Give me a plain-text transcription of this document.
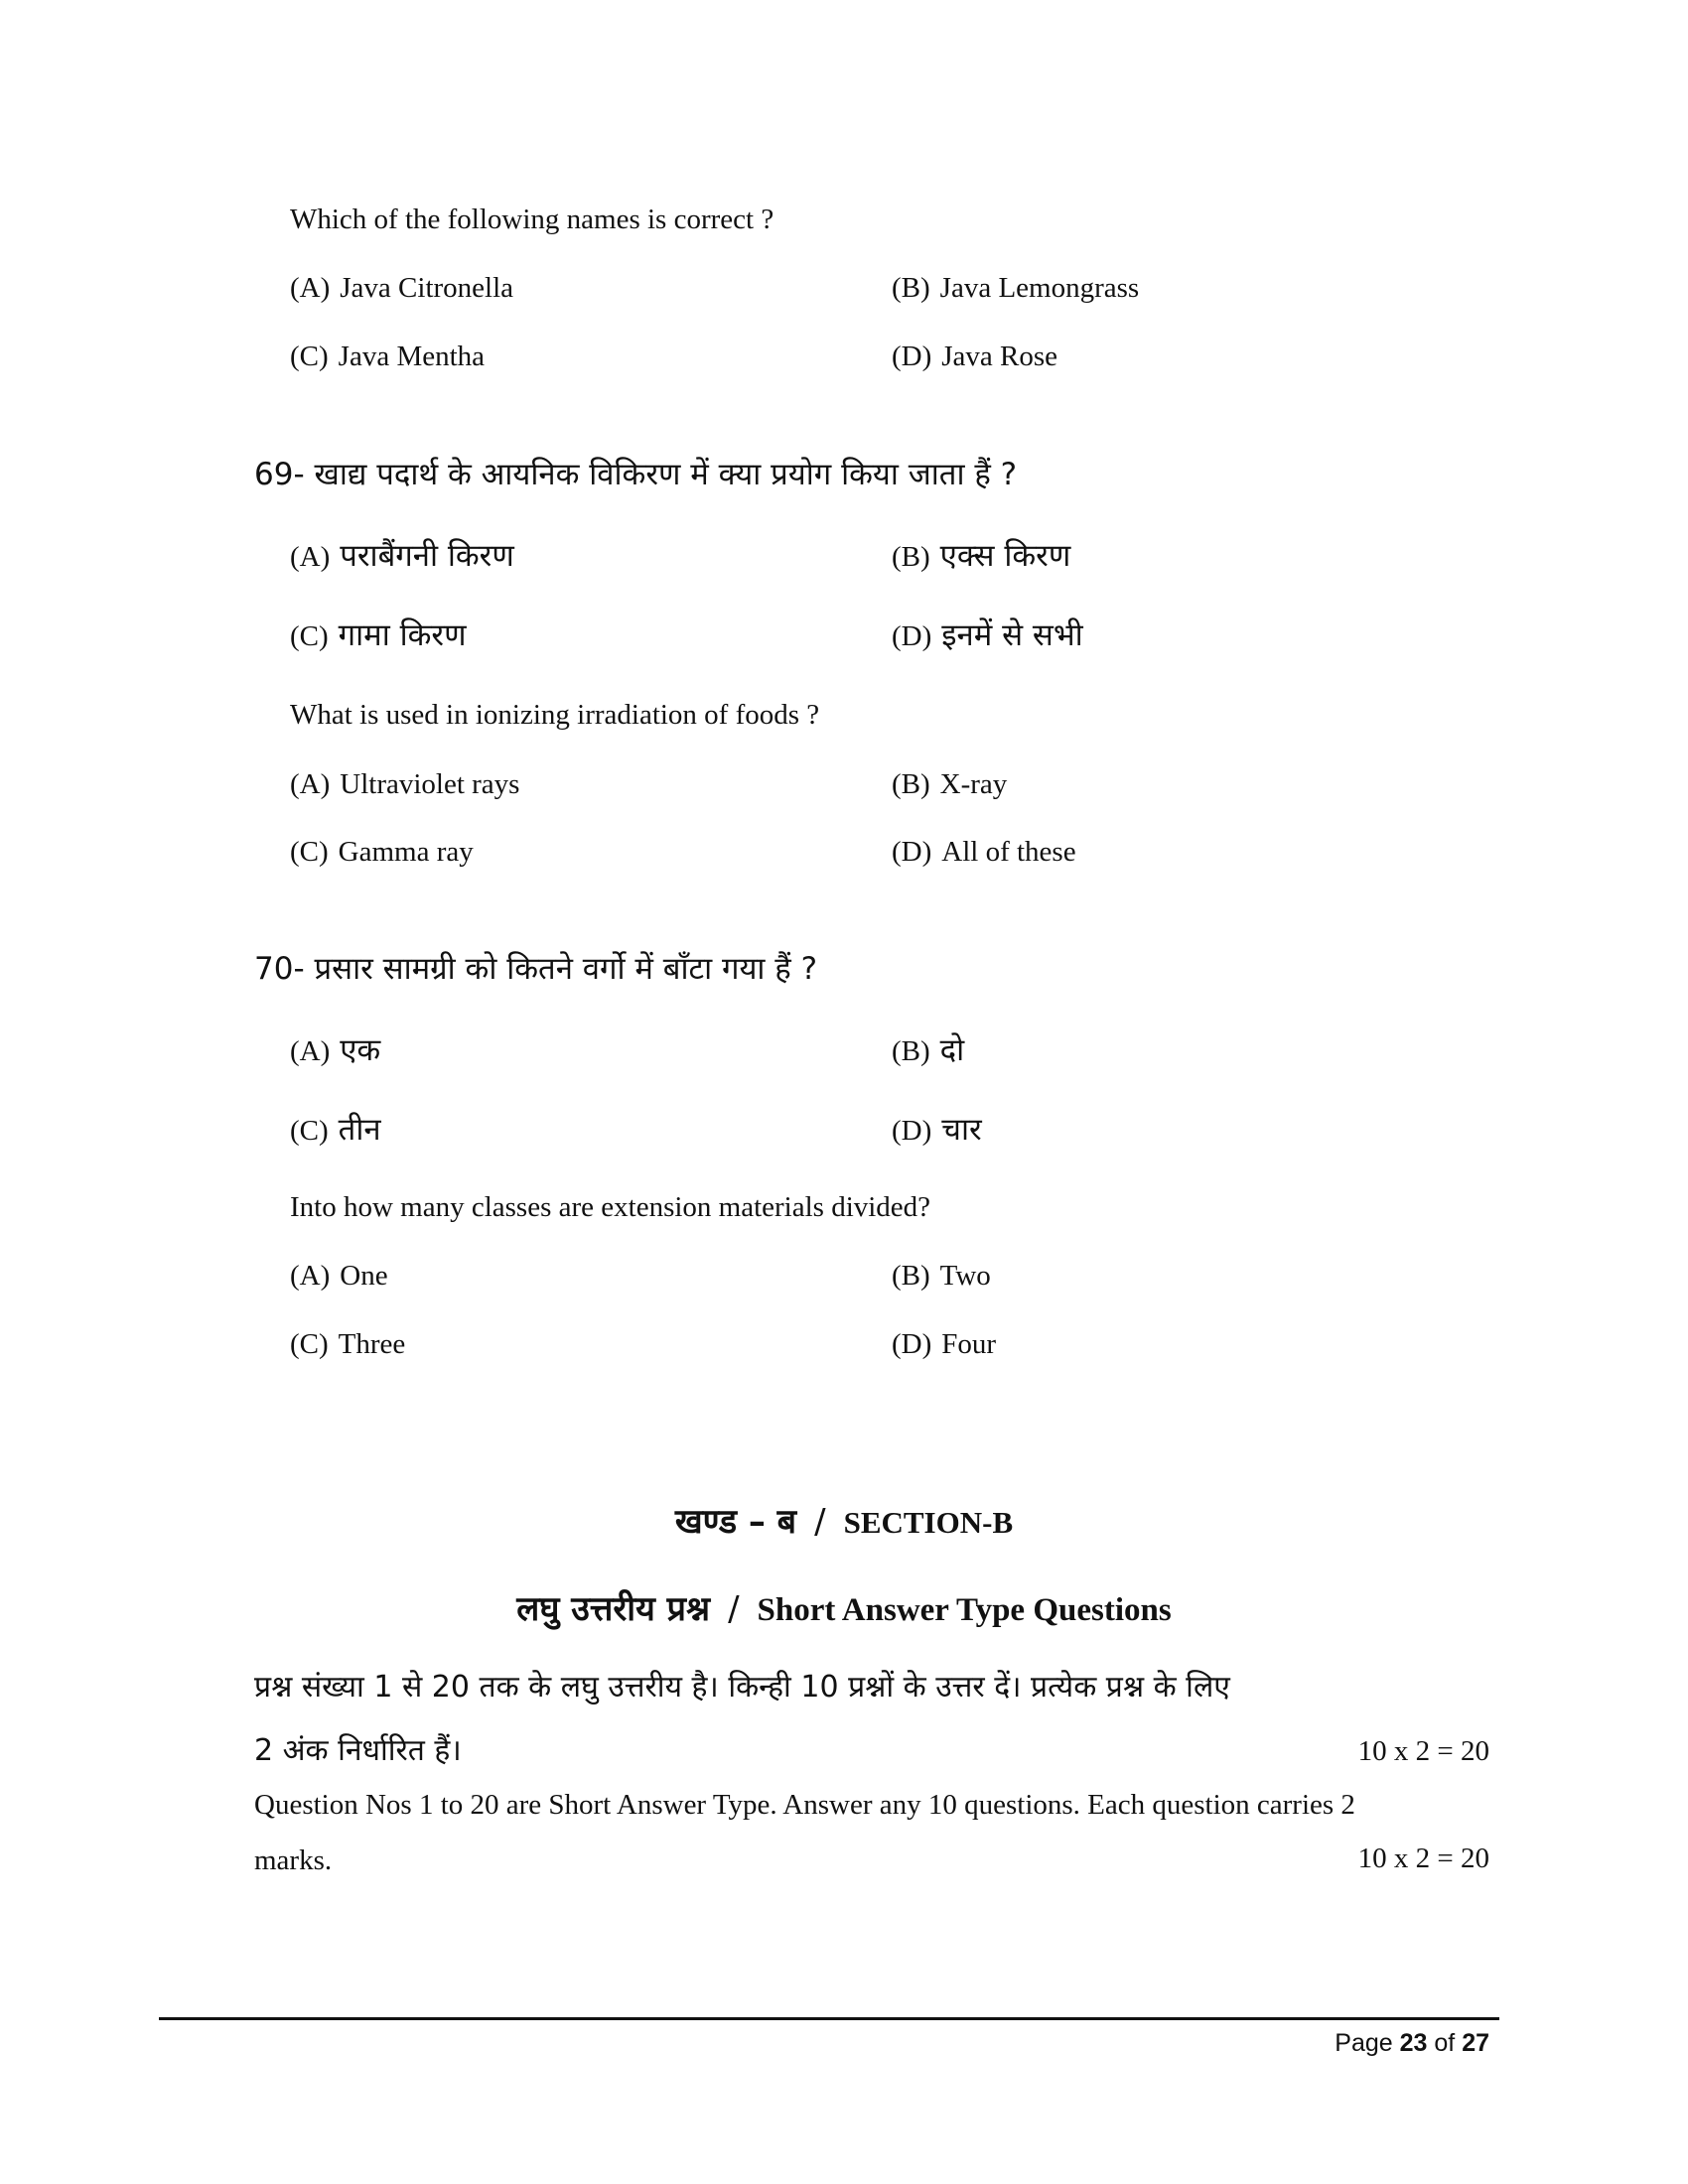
Which of the following names is correct ?
(A) Java Citronella	(B) Java Lemongrass
(C) Java Mentha	(D) Java Rose
69- खाद्य पदार्थ के आयनिक विकिरण में क्या प्रयोग किया जाता हैं ?
(A) पराबैंगनी किरण	(B) एक्स किरण
(C) गामा किरण	(D) इनमें से सभी
What is used in ionizing irradiation of foods ?
(A) Ultraviolet rays	(B) X-ray
(C) Gamma ray	(D) All of these
70- प्रसार सामग्री को कितने वर्गो में बाँटा गया हैं ?
(A) एक	(B) दो
(C) तीन	(D) चार
Into how many classes are extension materials divided?
(A) One	(B) Two
(C) Three	(D) Four
खण्ड – ब / SECTION-B
लघु उत्तरीय प्रश्न / Short Answer Type Questions
प्रश्न संख्या 1 से 20 तक के लघु उत्तरीय है। किन्ही 10 प्रश्नों के उत्तर दें। प्रत्येक प्रश्न के लिए
2 अंक निर्धारित हैं।	10 x 2 = 20
Question Nos 1 to 20 are Short Answer Type. Answer any 10 questions. Each question carries 2
marks.	10 x 2 = 20
Page 23 of 27
